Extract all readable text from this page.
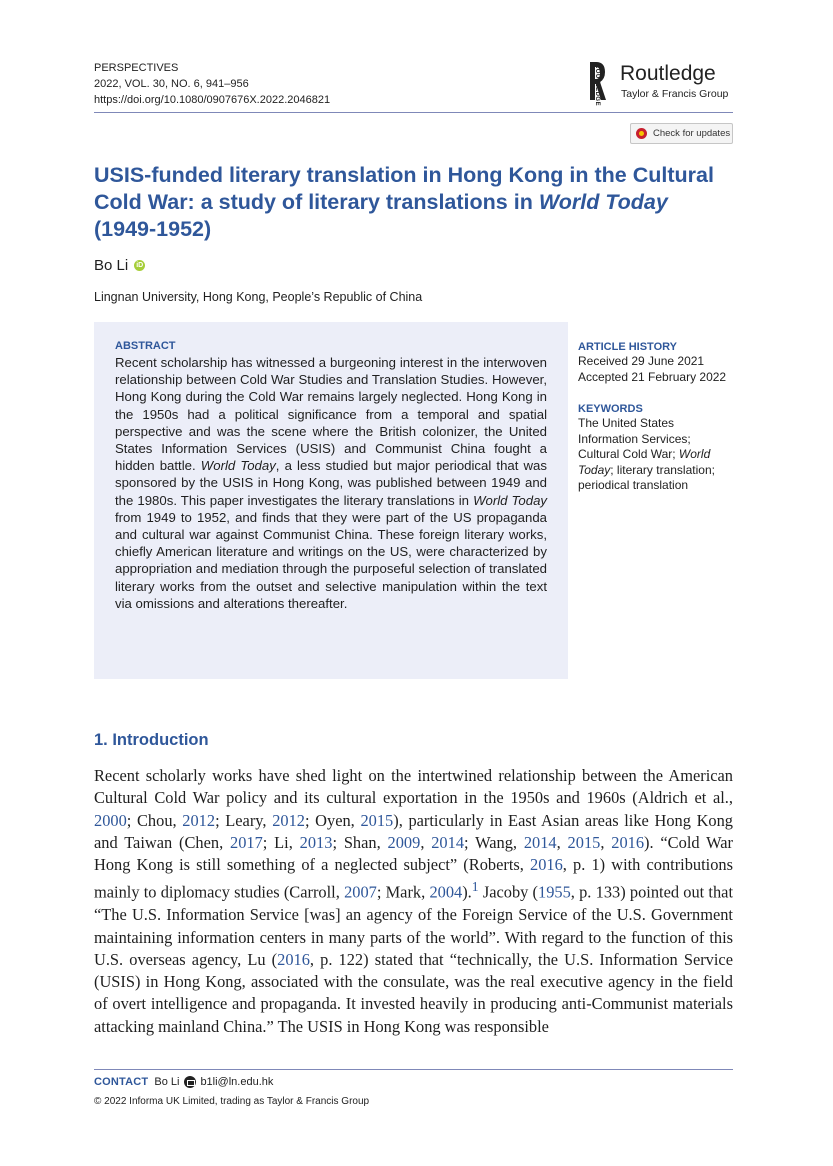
PERSPECTIVES
2022, VOL. 30, NO. 6, 941–956
https://doi.org/10.1080/0907676X.2022.2046821	ROUTLEDGE Routledge
Taylor & Francis Group
Check for updates
USIS-funded literary translation in Hong Kong in the Cultural
Cold War: a study of literary translations in World Today
(1949-1952)
Bo Li iD
Lingnan University, Hong Kong, People’s Republic of China
ABSTRACT
Recent scholarship has witnessed a burgeoning interest in the interwoven relationship between Cold War Studies and Translation Studies. However, Hong Kong during the Cold War remains largely neglected. Hong Kong in the 1950s had a political significance from a temporal and spatial perspective and was the scene where the British colonizer, the United States Information Services (USIS) and Communist China fought a hidden battle. World Today, a less studied but major periodical that was sponsored by the USIS in Hong Kong, was published between 1949 and the 1980s. This paper investigates the literary translations in World Today from 1949 to 1952, and finds that they were part of the US propaganda and cultural war against Communist China. These foreign literary works, chiefly American literature and writings on the US, were characterized by appropriation and mediation through the purposeful selection of translated literary works from the outset and selective manipulation within the text via omissions and alterations thereafter.
ARTICLE HISTORY
Received 29 June 2021
Accepted 21 February 2022
KEYWORDS
The United States Information Services; Cultural Cold War; World Today; literary translation; periodical translation
1. Introduction
Recent scholarly works have shed light on the intertwined relationship between the American Cultural Cold War policy and its cultural exportation in the 1950s and 1960s (Aldrich et al., 2000; Chou, 2012; Leary, 2012; Oyen, 2015), particularly in East Asian areas like Hong Kong and Taiwan (Chen, 2017; Li, 2013; Shan, 2009, 2014; Wang, 2014, 2015, 2016). “Cold War Hong Kong is still something of a neglected subject” (Roberts, 2016, p. 1) with contributions mainly to diplomacy studies (Carroll, 2007; Mark, 2004).$^1$ Jacoby (1955, p. 133) pointed out that “The U.S. Information Service [was] an agency of the Foreign Service of the U.S. Government maintaining information centers in many parts of the world”. With regard to the function of this U.S. overseas agency, Lu (2016, p. 122) stated that “technically, the U.S. Information Service (USIS) in Hong Kong, associated with the consulate, was the real executive agency in the field of overt intelligence and propaganda. It invested heavily in producing anti-Communist materials attacking mainland China.” The USIS in Hong Kong was responsible
CONTACT Bo Li b1li@ln.edu.hk
© 2022 Informa UK Limited, trading as Taylor & Francis Group
